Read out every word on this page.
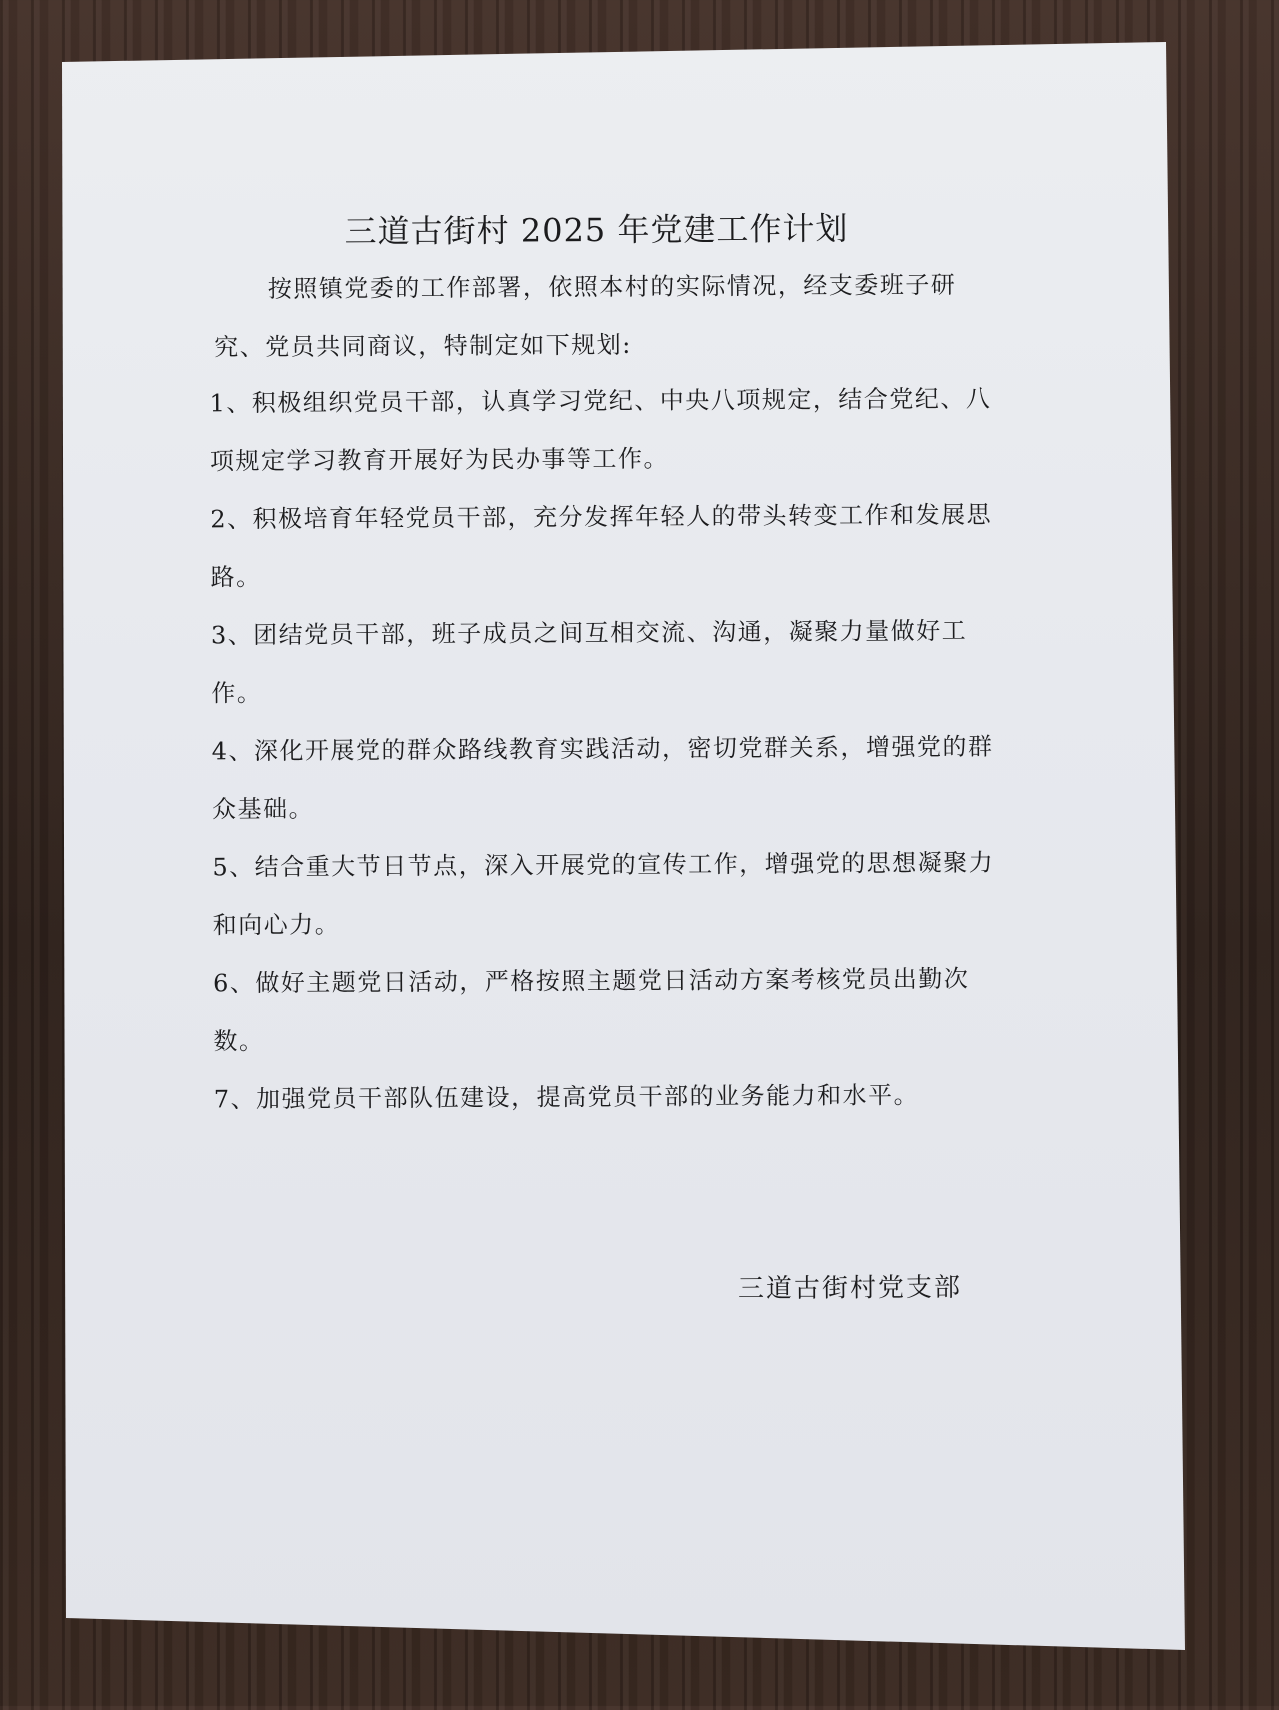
三道古街村 2025 年党建工作计划

按照镇党委的工作部署，依照本村的实际情况，经支委班子研究、党员共同商议，特制定如下规划:

1、积极组织党员干部，认真学习党纪、中央八项规定，结合党纪、八项规定学习教育开展好为民办事等工作。
2、积极培育年轻党员干部，充分发挥年轻人的带头转变工作和发展思路。
3、团结党员干部，班子成员之间互相交流、沟通，凝聚力量做好工作。
4、深化开展党的群众路线教育实践活动，密切党群关系，增强党的群众基础。
5、结合重大节日节点，深入开展党的宣传工作，增强党的思想凝聚力和向心力。
6、做好主题党日活动，严格按照主题党日活动方案考核党员出勤次数。
7、加强党员干部队伍建设，提高党员干部的业务能力和水平。

三道古街村党支部
